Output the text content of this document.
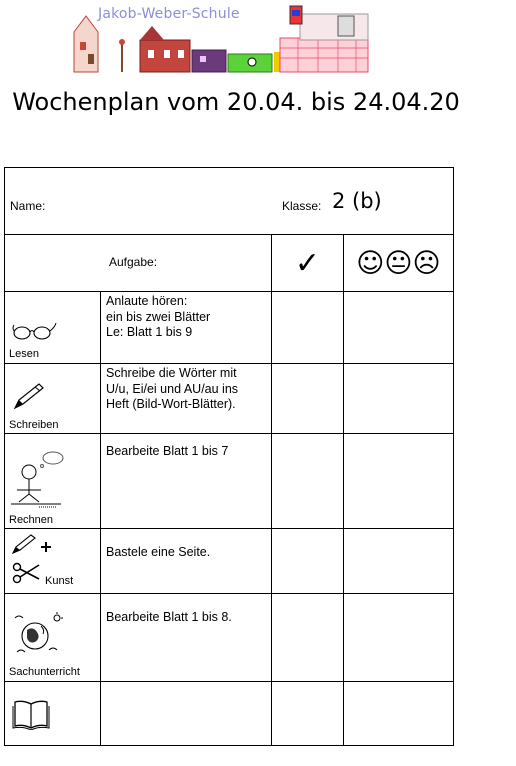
Jakob-Weber-Schule
Wochenplan vom 20.04. bis 24.04.20
Name: Klasse: 2 (b)			

Aufgabe:		✓	☺😐☹

Lesen	Anlaute hören:
ein bis zwei Blätter
Le: Blatt 1 bis 9		

Schreiben	Schreibe die Wörter mit
U/u, Ei/ei und AU/au ins
Heft (Bild-Wort-Blätter).		

Rechnen	Bearbeite Blatt 1 bis 7		

Kunst	Bastele eine Seite.		

Sachunterricht	Bearbeite Blatt 1 bis 8.		
